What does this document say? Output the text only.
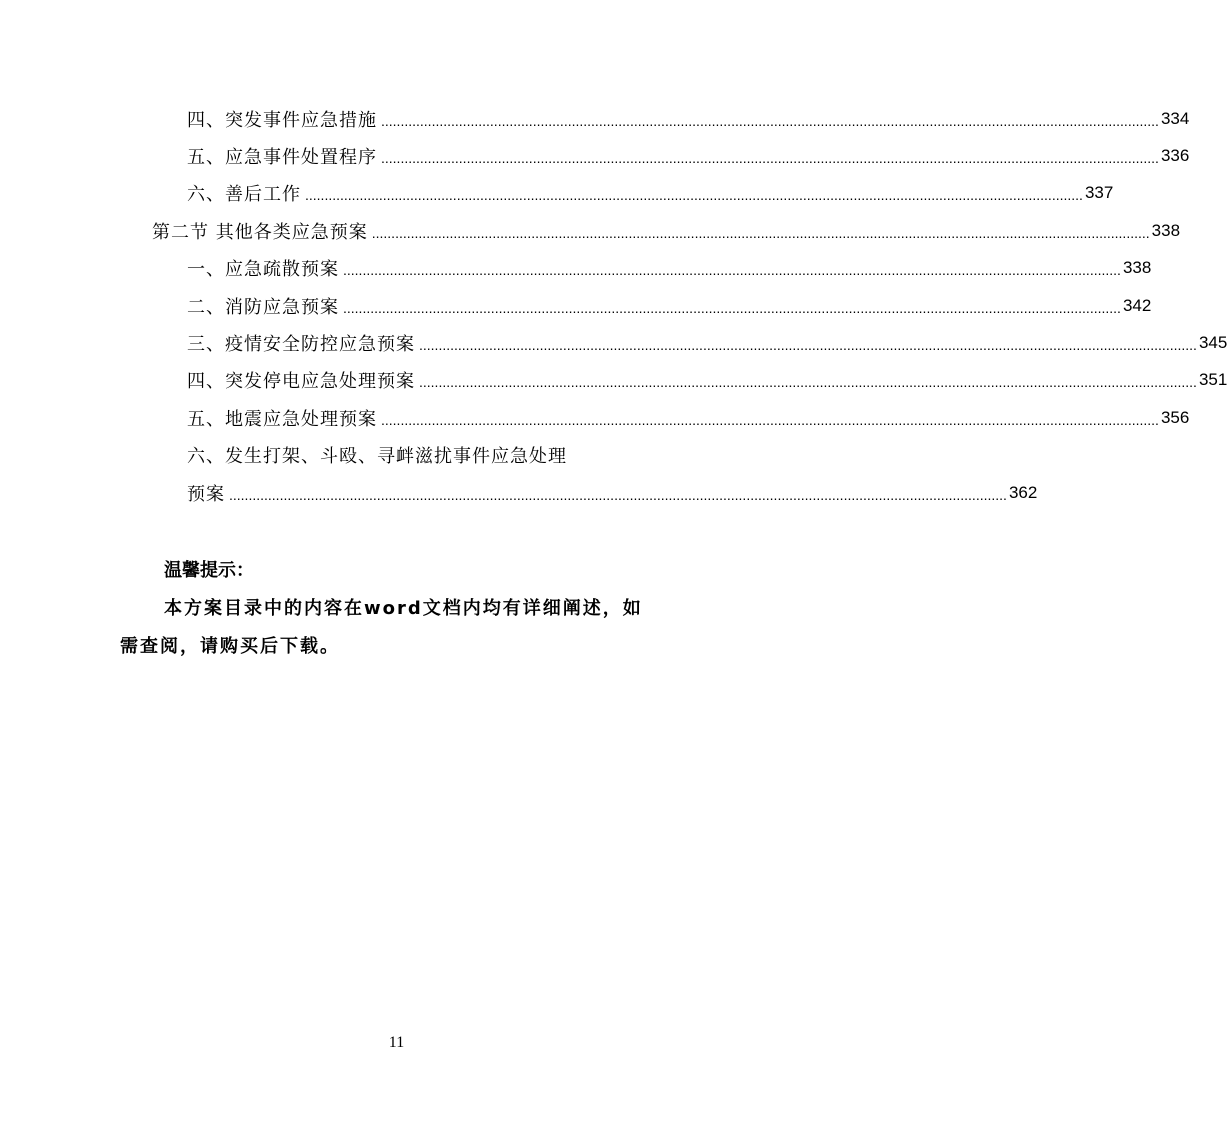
四、突发事件应急措施 ........................................................................................................................................................................................................ 334
五、应急事件处置程序 ........................................................................................................................................................................................................ 336
六、善后工作 ........................................................................................................................................................................................................ 337
第二节 其他各类应急预案 ........................................................................................................................................................................................................ 338
一、应急疏散预案 ........................................................................................................................................................................................................ 338
二、消防应急预案 ........................................................................................................................................................................................................ 342
三、疫情安全防控应急预案 ........................................................................................................................................................................................................ 345
四、突发停电应急处理预案 ........................................................................................................................................................................................................ 351
五、地震应急处理预案 ........................................................................................................................................................................................................ 356
六、发生打架、斗殴、寻衅滋扰事件应急处理
预案 ........................................................................................................................................................................................................ 362
温馨提示：
本方案目录中的内容在word文档内均有详细阐述，如
需查阅，请购买后下载。
11
